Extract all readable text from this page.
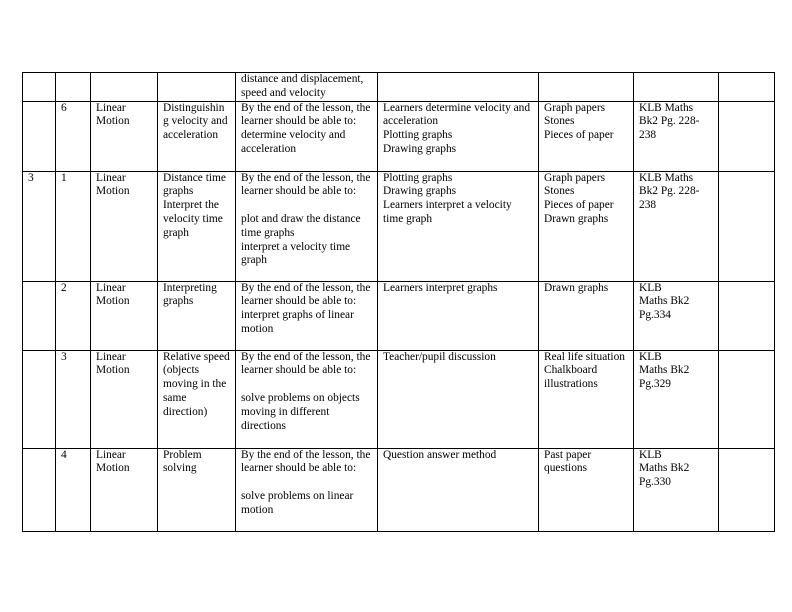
				distance and displacement, speed and velocity				

	6	Linear Motion	Distinguishin g velocity and acceleration	By the end of the lesson, the learner should be able to:
determine velocity and acceleration	Learners determine velocity and acceleration
Plotting graphs
Drawing graphs	Graph papers
Stones
Pieces of paper	KLB Maths Bk2 Pg. 228-238	

3	1	Linear Motion	Distance time graphs Interpret the velocity time graph	By the end of the lesson, the learner should be able to:
plot and draw the distance time graphs
interpret a velocity time graph	Plotting graphs
Drawing graphs
Learners interpret a velocity time graph	Graph papers
Stones
Pieces of paper
Drawn graphs	KLB Maths Bk2 Pg. 228-238	

	2	Linear Motion	Interpreting graphs	By the end of the lesson, the learner should be able to:
interpret graphs of linear motion	Learners interpret graphs	Drawn graphs	KLB
Maths Bk2
Pg.334	

	3	Linear Motion	Relative speed (objects moving in the same direction)	By the end of the lesson, the learner should be able to:
solve problems on objects moving in different directions	Teacher/pupil discussion	Real life situation
Chalkboard illustrations	KLB
Maths Bk2
Pg.329	

	4	Linear Motion	Problem solving	By the end of the lesson, the learner should be able to:
solve problems on linear motion	Question answer method	Past paper questions	KLB
Maths Bk2
Pg.330	
